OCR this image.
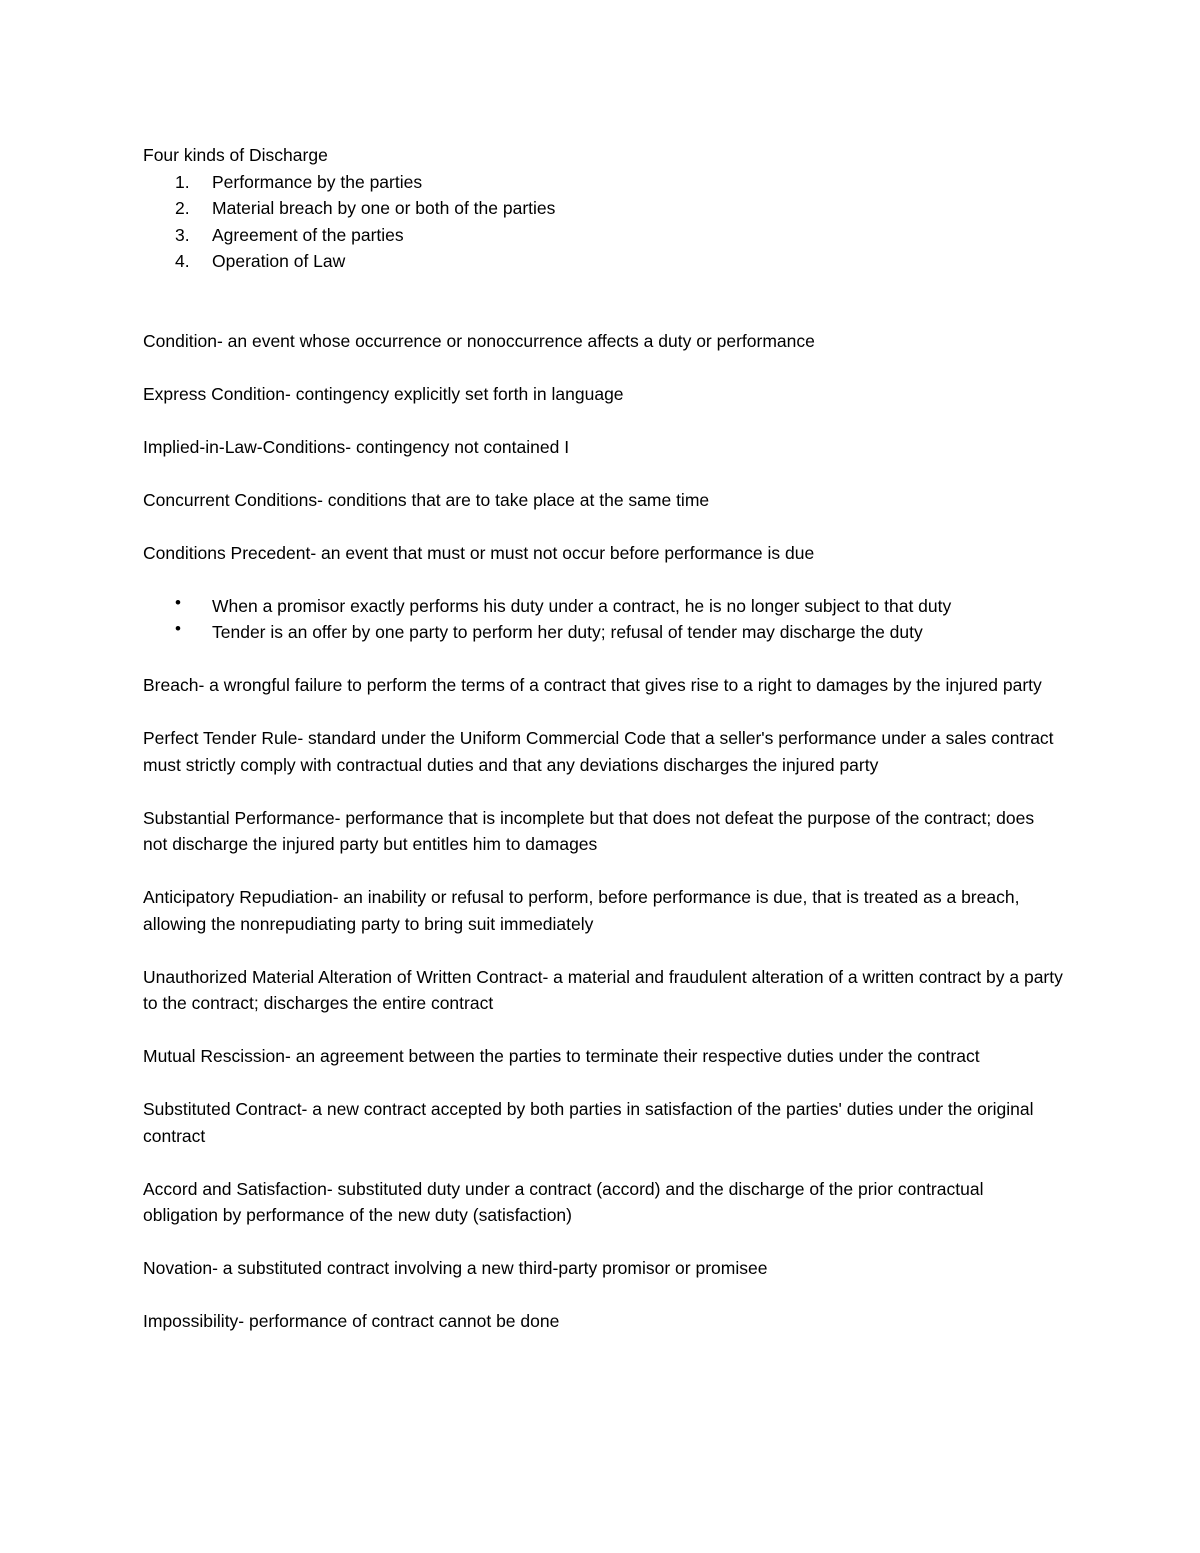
Four kinds of Discharge

1. Performance by the parties
2. Material breach by one or both of the parties
3. Agreement of the parties
4. Operation of Law

Condition- an event whose occurrence or nonoccurrence affects a duty or performance

Express Condition- contingency explicitly set forth in language

Implied-in-Law-Conditions- contingency not contained I

Concurrent Conditions- conditions that are to take place at the same time

Conditions Precedent- an event that must or must not occur before performance is due

• When a promisor exactly performs his duty under a contract, he is no longer subject to that duty
• Tender is an offer by one party to perform her duty; refusal of tender may discharge the duty

Breach- a wrongful failure to perform the terms of a contract that gives rise to a right to damages by the injured party

Perfect Tender Rule- standard under the Uniform Commercial Code that a seller's performance under a sales contract must strictly comply with contractual duties and that any deviations discharges the injured party

Substantial Performance- performance that is incomplete but that does not defeat the purpose of the contract; does not discharge the injured party but entitles him to damages

Anticipatory Repudiation- an inability or refusal to perform, before performance is due, that is treated as a breach, allowing the nonrepudiating party to bring suit immediately

Unauthorized Material Alteration of Written Contract- a material and fraudulent alteration of a written contract by a party to the contract; discharges the entire contract

Mutual Rescission- an agreement between the parties to terminate their respective duties under the contract

Substituted Contract- a new contract accepted by both parties in satisfaction of the parties' duties under the original contract

Accord and Satisfaction- substituted duty under a contract (accord) and the discharge of the prior contractual obligation by performance of the new duty (satisfaction)

Novation- a substituted contract involving a new third-party promisor or promisee

Impossibility- performance of contract cannot be done
